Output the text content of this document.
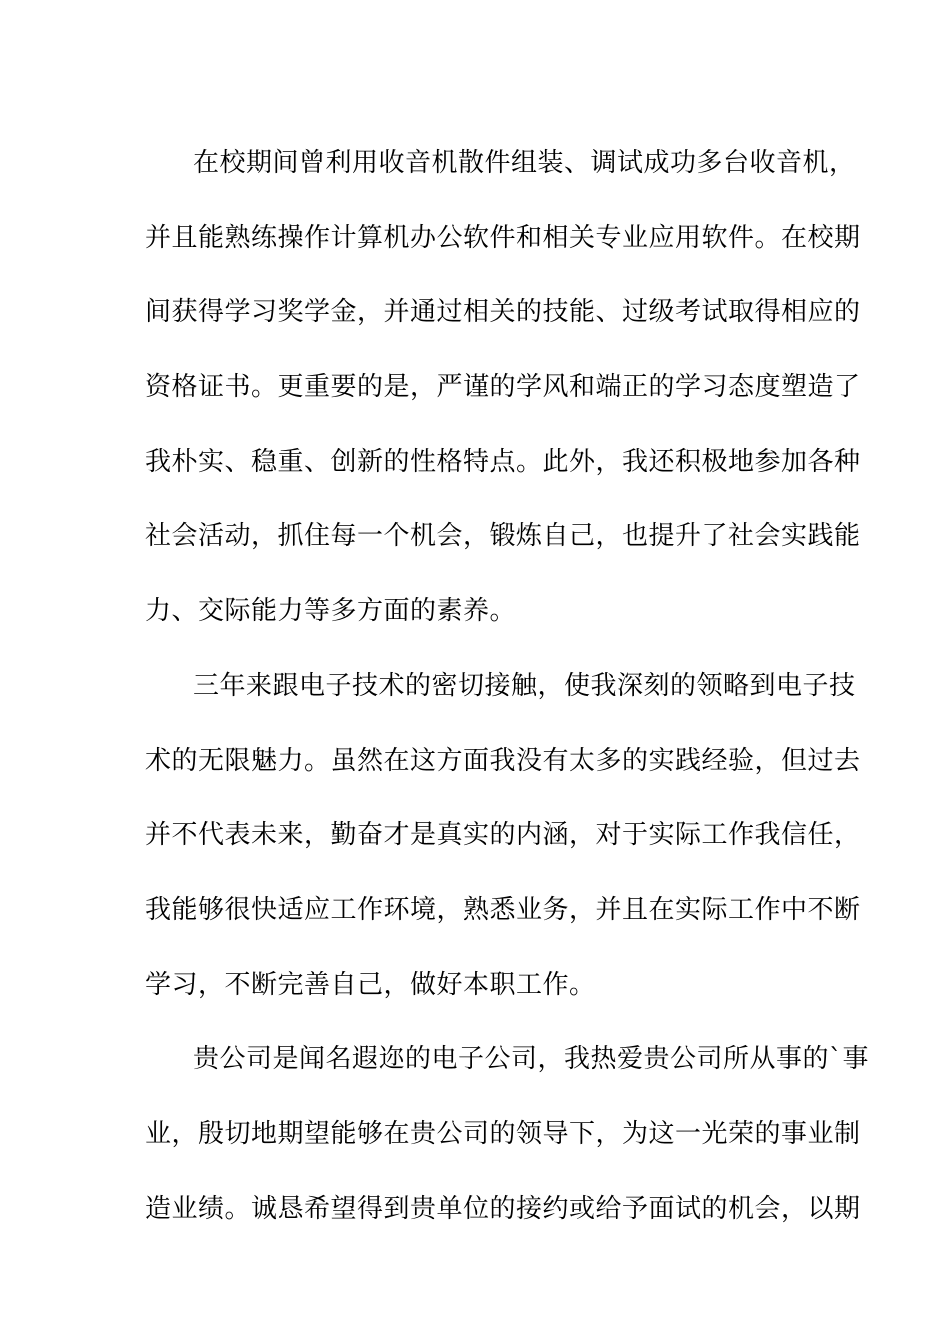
在校期间曾利用收音机散件组装、调试成功多台收音机，
并且能熟练操作计算机办公软件和相关专业应用软件。在校期
间获得学习奖学金，并通过相关的技能、过级考试取得相应的
资格证书。更重要的是，严谨的学风和端正的学习态度塑造了
我朴实、稳重、创新的性格特点。此外，我还积极地参加各种
社会活动，抓住每一个机会，锻炼自己，也提升了社会实践能
力、交际能力等多方面的素养。
三年来跟电子技术的密切接触，使我深刻的领略到电子技
术的无限魅力。虽然在这方面我没有太多的实践经验，但过去
并不代表未来，勤奋才是真实的内涵，对于实际工作我信任，
我能够很快适应工作环境，熟悉业务，并且在实际工作中不断
学习，不断完善自己，做好本职工作。
贵公司是闻名遐迩的电子公司，我热爱贵公司所从事的`事
业，殷切地期望能够在贵公司的领导下，为这一光荣的事业制
造业绩。诚恳希望得到贵单位的接约或给予面试的机会，以期
